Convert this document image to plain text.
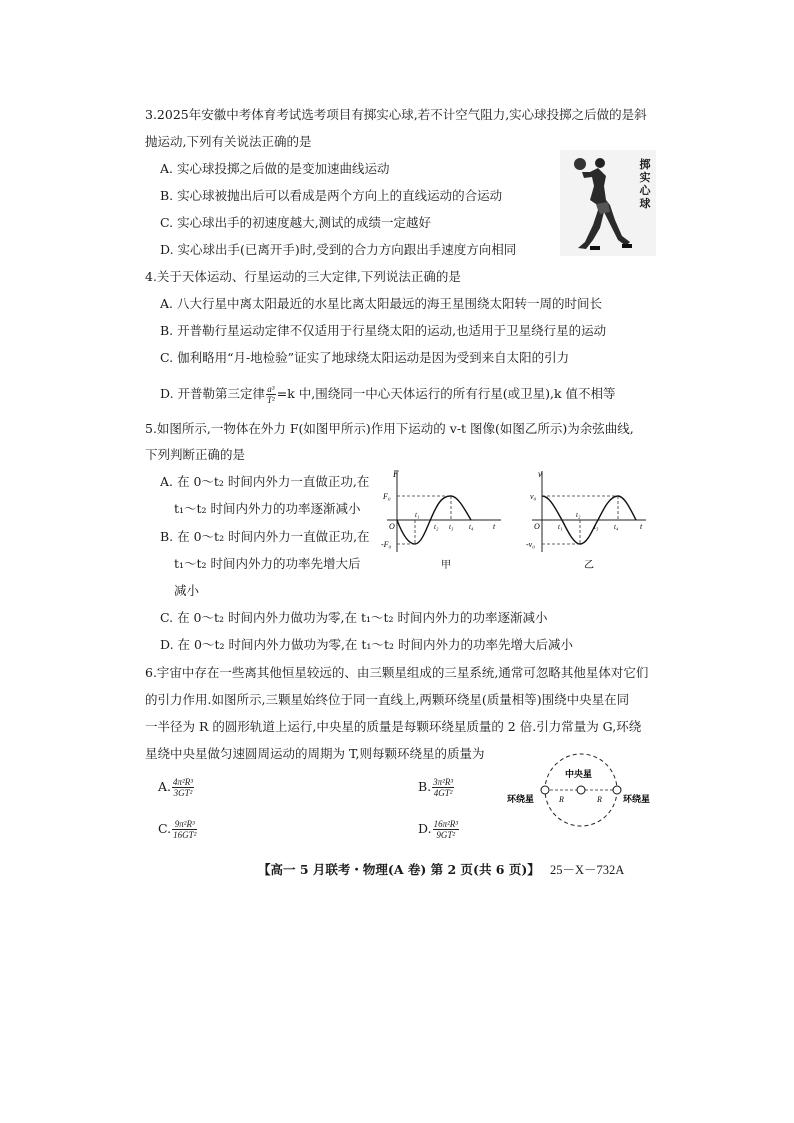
3.2025年安徽中考体育考试选考项目有掷实心球,若不计空气阻力,实心球投掷之后做的是斜
抛运动,下列有关说法正确的是
A. 实心球投掷之后做的是变加速曲线运动
B. 实心球被抛出后可以看成是两个方向上的直线运动的合运动
C. 实心球出手的初速度越大,测试的成绩一定越好
D. 实心球出手(已离开手)时,受到的合力方向跟出手速度方向相同
掷
实
心
球
4.关于天体运动、行星运动的三大定律,下列说法正确的是
A. 八大行星中离太阳最近的水星比离太阳最远的海王星围绕太阳转一周的时间长
B. 开普勒行星运动定律不仅适用于行星绕太阳的运动,也适用于卫星绕行星的运动
C. 伽利略用“月-地检验”证实了地球绕太阳运动是因为受到来自太阳的引力
D. 开普勒第三定律 $\frac{\text{a³}}{\text{T²}} =k$ 中,围绕同一中心天体运行的所有行星(或卫星),k 值不相等
5.如图所示,一物体在外力 F(如图甲所示)作用下运动的 v-t 图像(如图乙所示)为余弦曲线,
下列判断正确的是
A. 在 0～t₂ 时间内外力一直做正功,在
t₁～t₂ 时间内外力的功率逐渐减小
B. 在 0～t₂ 时间内外力一直做正功,在
t₁～t₂ 时间内外力的功率先增大后
减小
C. 在 0～t₂ 时间内外力做功为零,在 t₁～t₂ 时间内外力的功率逐渐减小
D. 在 0～t₂ 时间内外力做功为零,在 t₁～t₂ 时间内外力的功率先增大后减小
F
F₀
-F₀
O
t₁
t₂ t₃ t₄ t
甲
v
v₀
-v₀
O	t₁
t₂
t₃ t₄	t
乙
6.宇宙中存在一些离其他恒星较远的、由三颗星组成的三星系统,通常可忽略其他星体对它们
的引力作用.如图所示,三颗星始终位于同一直线上,两颗环绕星(质量相等)围绕中央星在同
一半径为 R 的圆形轨道上运行,中央星的质量是每颗环绕星质量的 2 倍.引力常量为 G,环绕
星绕中央星做匀速圆周运动的周期为 T,则每颗环绕星的质量为
A. $\frac{\text{4π²R³}}{\text{3GT²}}$	B. $\frac{\text{3π²R³}}{\text{4GT²}}$
C. $\frac{\text{9π²R³}}{\text{16GT²}}$	D. $\frac{\text{16π²R³}}{\text{9GT²}}$
中央星
环绕星	环绕星
R	R
【高一 5 月联考・物理(A 卷) 第 2 页(共 6 页)】 25－X－732A
